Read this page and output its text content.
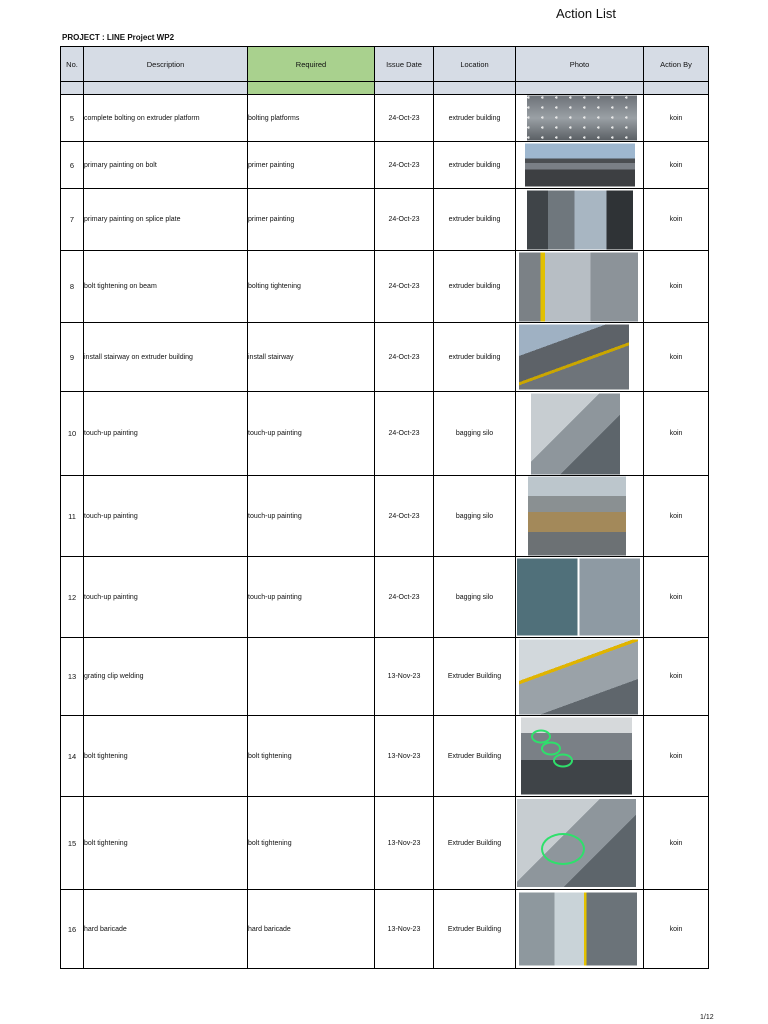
Action List
PROJECT : LINE Project WP2
No.	Description	Required	Issue Date	Location	Photo	Action By

5	complete bolting on extruder platform	bolting platforms	24-Oct-23	extruder building		koin
6	primary painting on bolt	primer painting	24-Oct-23	extruder building		koin
7	primary painting on splice plate	primer painting	24-Oct-23	extruder building		koin
8	bolt tightening on beam	bolting tightening	24-Oct-23	extruder building		koin
9	install stairway on extruder building	install stairway	24-Oct-23	extruder building		koin
10	touch-up painting	touch-up painting	24-Oct-23	bagging silo		koin
11	touch-up painting	touch-up painting	24-Oct-23	bagging silo		koin
12	touch-up painting	touch-up painting	24-Oct-23	bagging silo		koin
13	grating clip welding		13-Nov-23	Extruder Building		koin
14	bolt tightening	bolt tightening	13-Nov-23	Extruder Building		koin
15	bolt tightening	bolt tightening	13-Nov-23	Extruder Building		koin
16	hard baricade	hard baricade	13-Nov-23	Extruder Building		koin
1/12
